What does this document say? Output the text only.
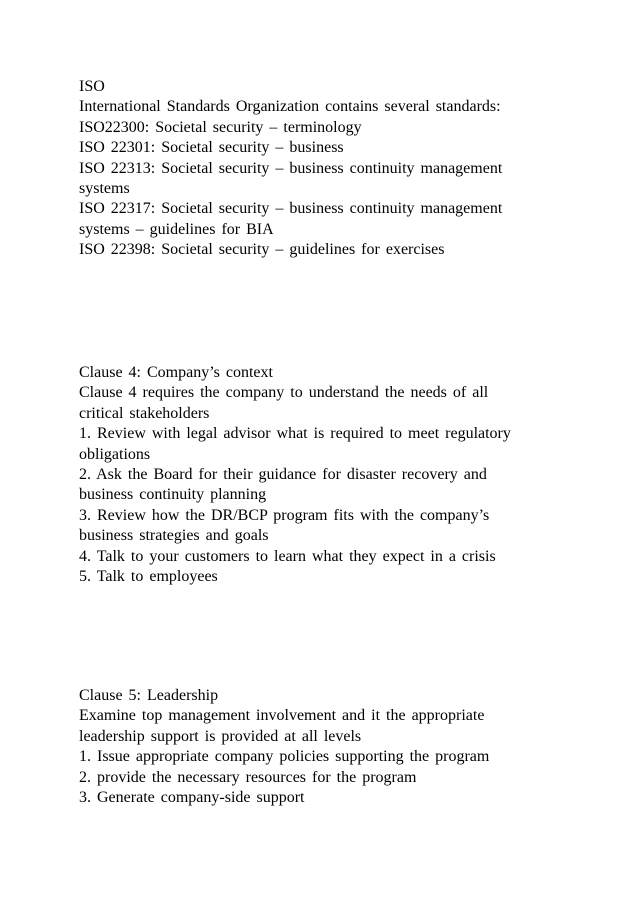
ISO

International Standards Organization contains several standards:

ISO22300: Societal security – terminology

ISO 22301: Societal security – business

ISO 22313: Societal security – business continuity management

systems

ISO 22317: Societal security – business continuity management

systems – guidelines for BIA

ISO 22398: Societal security – guidelines for exercises

Clause 4: Company’s context

Clause 4 requires the company to understand the needs of all

critical stakeholders

1. Review with legal advisor what is required to meet regulatory

obligations

2. Ask the Board for their guidance for disaster recovery and

business continuity planning

3. Review how the DR/BCP program fits with the company’s

business strategies and goals

4. Talk to your customers to learn what they expect in a crisis

5. Talk to employees

Clause 5: Leadership

Examine top management involvement and it the appropriate

leadership support is provided at all levels

1. Issue appropriate company policies supporting the program

2. provide the necessary resources for the program

3. Generate company-side support
